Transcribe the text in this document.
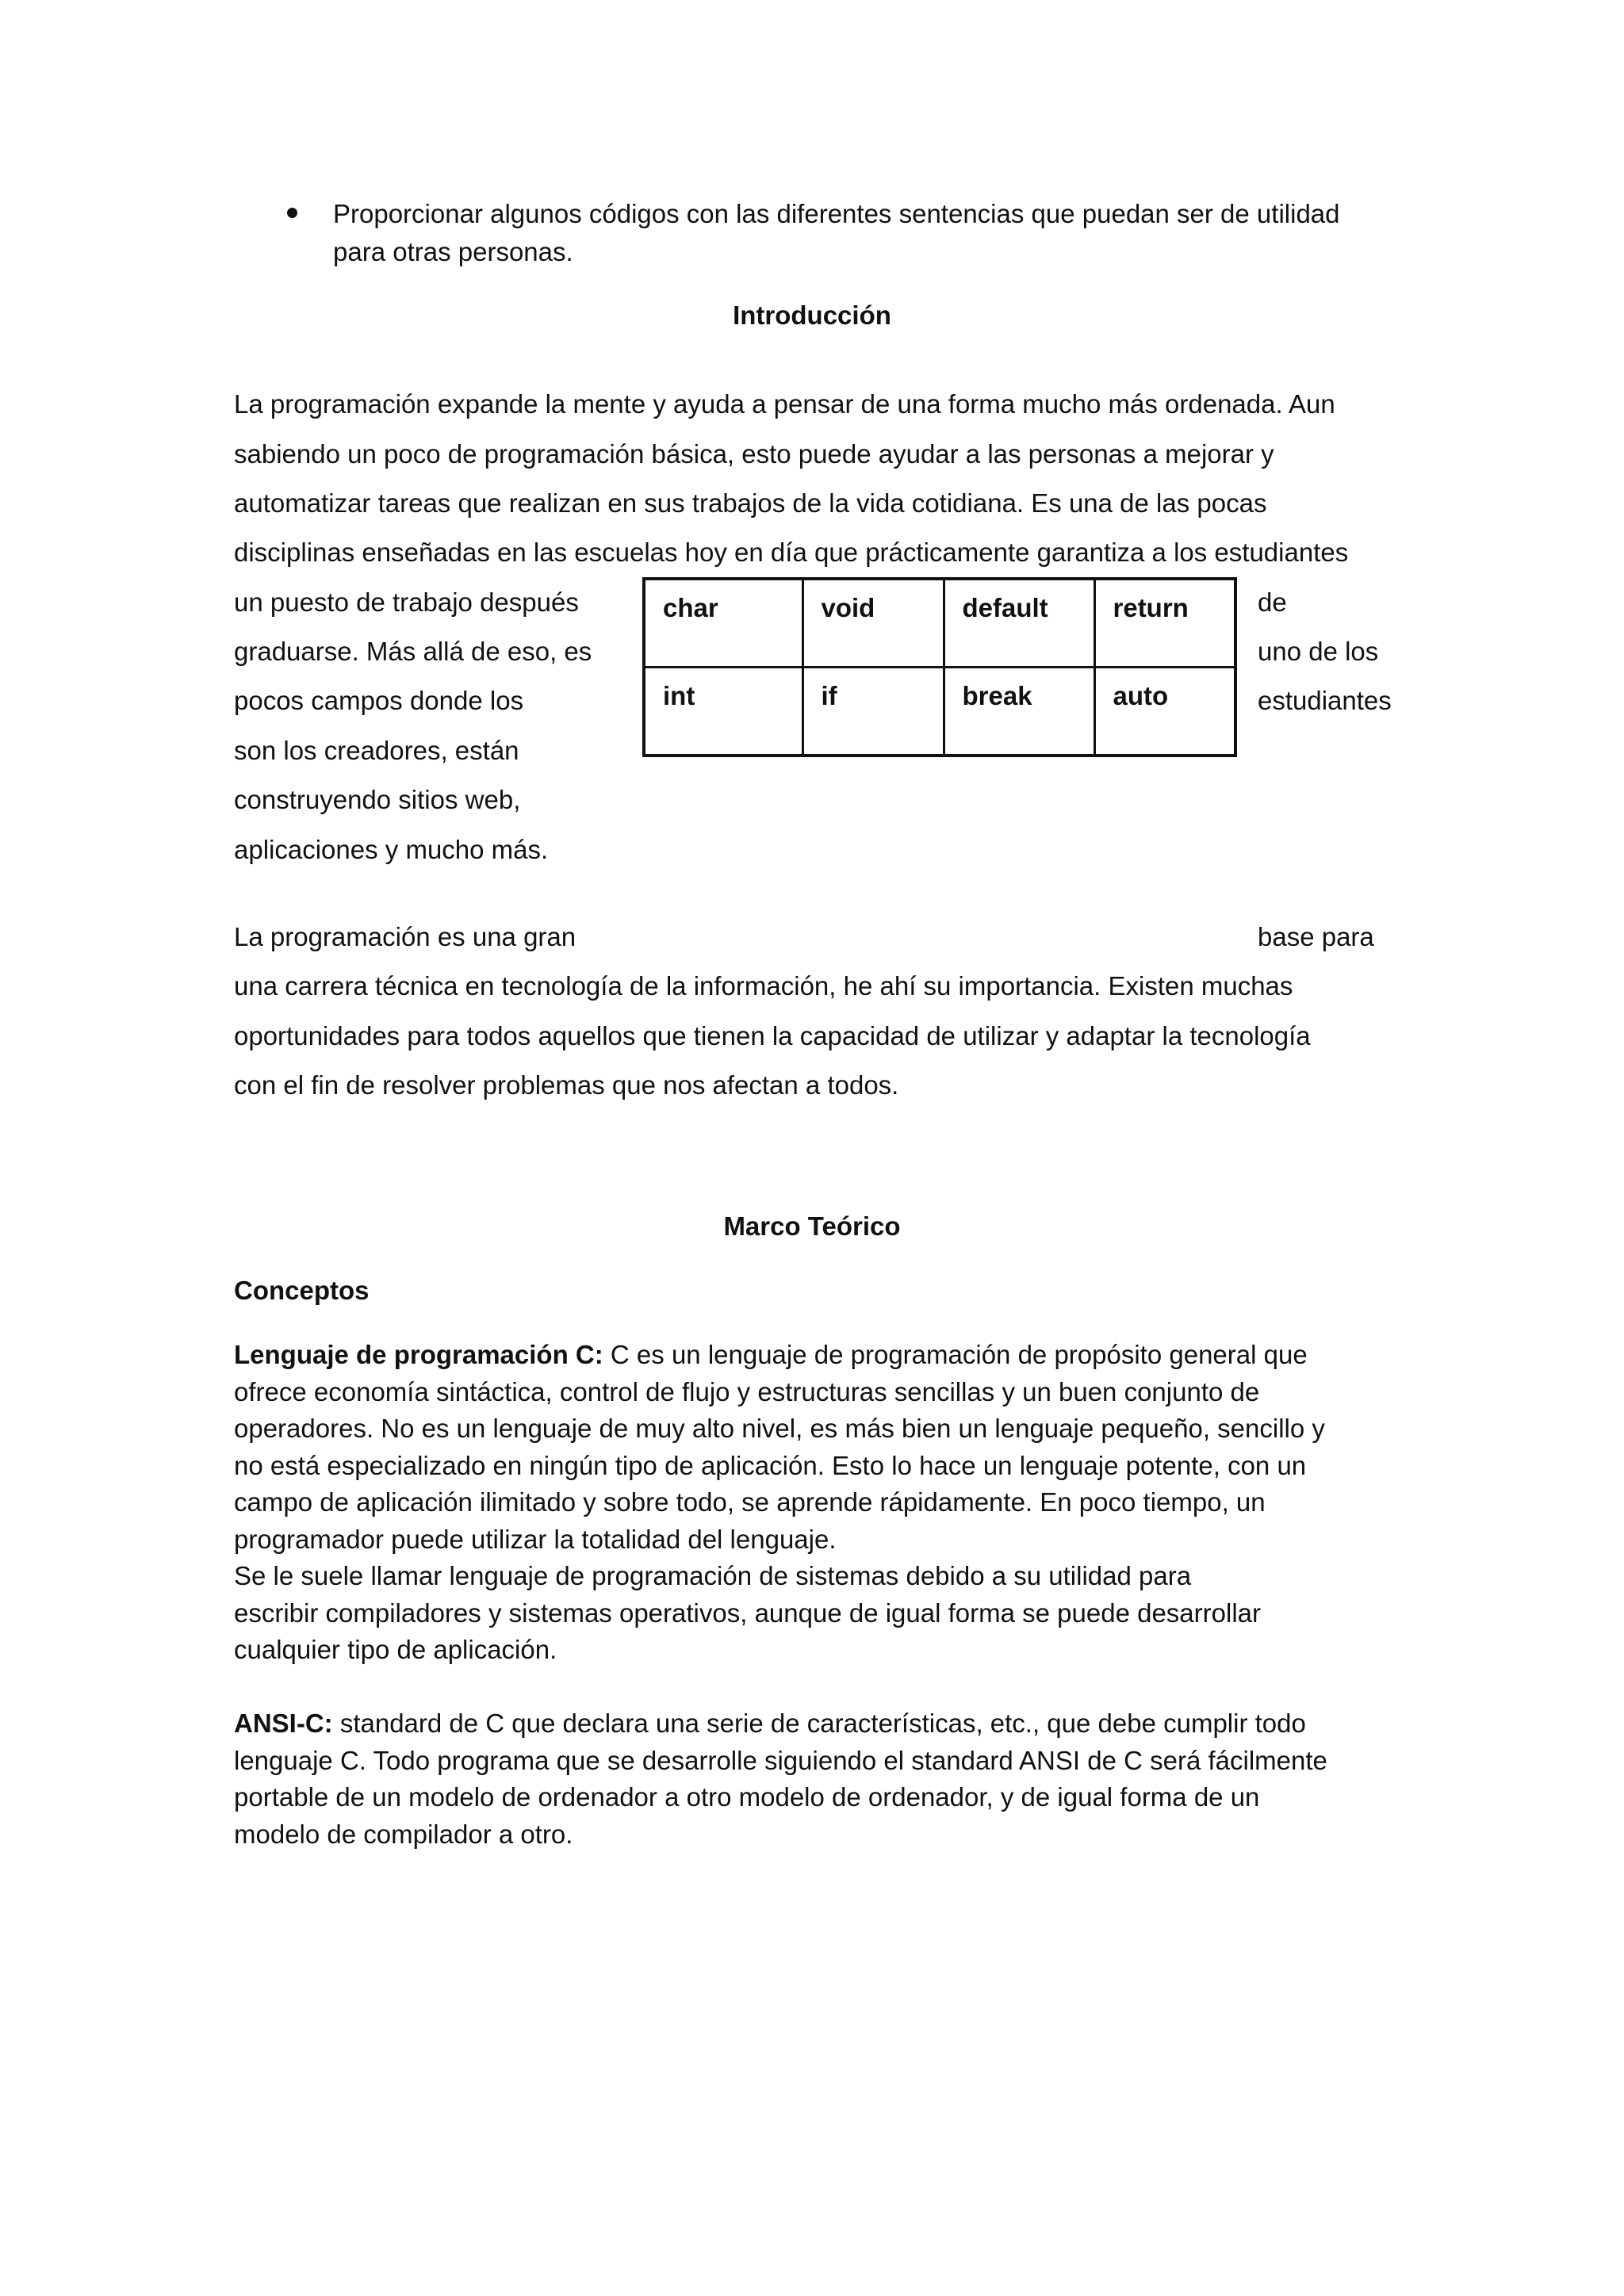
Proporcionar algunos códigos con las diferentes sentencias que puedan ser de utilidad
para otras personas.
Introducción
La programación expande la mente y ayuda a pensar de una forma mucho más ordenada. Aun
sabiendo un poco de programación básica, esto puede ayudar a las personas a mejorar y
automatizar tareas que realizan en sus trabajos de la vida cotidiana. Es una de las pocas
disciplinas enseñadas en las escuelas hoy en día que prácticamente garantiza a los estudiantes
un puesto de trabajo después
graduarse. Más allá de eso, es
pocos campos donde los
son los creadores, están
construyendo sitios web,
aplicaciones y mucho más.
de
uno de los
estudiantes
char	void	default	return
int	if	break	auto
La programación es una gran	base para
una carrera técnica en tecnología de la información, he ahí su importancia. Existen muchas
oportunidades para todos aquellos que tienen la capacidad de utilizar y adaptar la tecnología
con el fin de resolver problemas que nos afectan a todos.
Marco Teórico
Conceptos
Lenguaje de programación C: C es un lenguaje de programación de propósito general que
ofrece economía sintáctica, control de flujo y estructuras sencillas y un buen conjunto de
operadores. No es un lenguaje de muy alto nivel, es más bien un lenguaje pequeño, sencillo y
no está especializado en ningún tipo de aplicación. Esto lo hace un lenguaje potente, con un
campo de aplicación ilimitado y sobre todo, se aprende rápidamente. En poco tiempo, un
programador puede utilizar la totalidad del lenguaje.
Se le suele llamar lenguaje de programación de sistemas debido a su utilidad para
escribir compiladores y sistemas operativos, aunque de igual forma se puede desarrollar
cualquier tipo de aplicación.
ANSI-C: standard de C que declara una serie de características, etc., que debe cumplir todo
lenguaje C. Todo programa que se desarrolle siguiendo el standard ANSI de C será fácilmente
portable de un modelo de ordenador a otro modelo de ordenador, y de igual forma de un
modelo de compilador a otro.
